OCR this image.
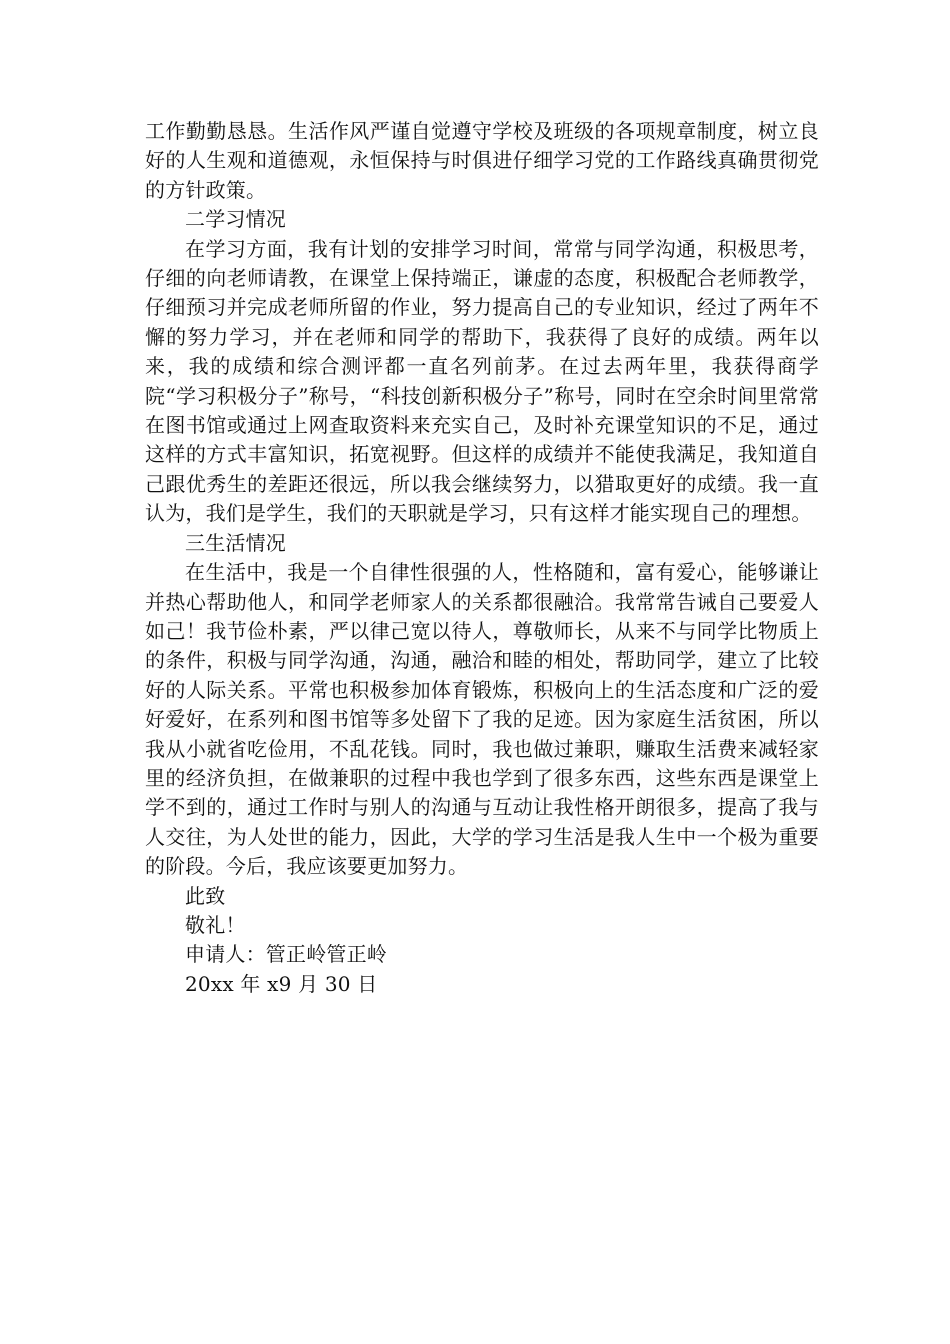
工作勤勤恳恳。生活作风严谨自觉遵守学校及班级的各项规章制度，树立良好的人生观和道德观，永恒保持与时俱进仔细学习党的工作路线真确贯彻党的方针政策。

二学习情况

在学习方面，我有计划的安排学习时间，常常与同学沟通，积极思考，仔细的向老师请教，在课堂上保持端正，谦虚的态度，积极配合老师教学，仔细预习并完成老师所留的作业，努力提高自己的专业知识，经过了两年不懈的努力学习，并在老师和同学的帮助下，我获得了良好的成绩。两年以来，我的成绩和综合测评都一直名列前茅。在过去两年里，我获得商学院“学习积极分子”称号，“科技创新积极分子”称号，同时在空余时间里常常在图书馆或通过上网查取资料来充实自己，及时补充课堂知识的不足，通过这样的方式丰富知识，拓宽视野。但这样的成绩并不能使我满足，我知道自己跟优秀生的差距还很远，所以我会继续努力，以猎取更好的成绩。我一直认为，我们是学生，我们的天职就是学习，只有这样才能实现自己的理想。

三生活情况

在生活中，我是一个自律性很强的人，性格随和，富有爱心，能够谦让并热心帮助他人，和同学老师家人的关系都很融洽。我常常告诫自己要爱人如己！我节俭朴素，严以律己宽以待人，尊敬师长，从来不与同学比物质上的条件，积极与同学沟通，沟通，融洽和睦的相处，帮助同学，建立了比较好的人际关系。平常也积极参加体育锻炼，积极向上的生活态度和广泛的爱好爱好，在系列和图书馆等多处留下了我的足迹。因为家庭生活贫困，所以我从小就省吃俭用，不乱花钱。同时，我也做过兼职，赚取生活费来减轻家里的经济负担，在做兼职的过程中我也学到了很多东西，这些东西是课堂上学不到的，通过工作时与别人的沟通与互动让我性格开朗很多，提高了我与人交往，为人处世的能力，因此，大学的学习生活是我人生中一个极为重要的阶段。今后，我应该要更加努力。

此致

敬礼！

申请人：管正岭管正岭

20xx 年 x9 月 30 日
